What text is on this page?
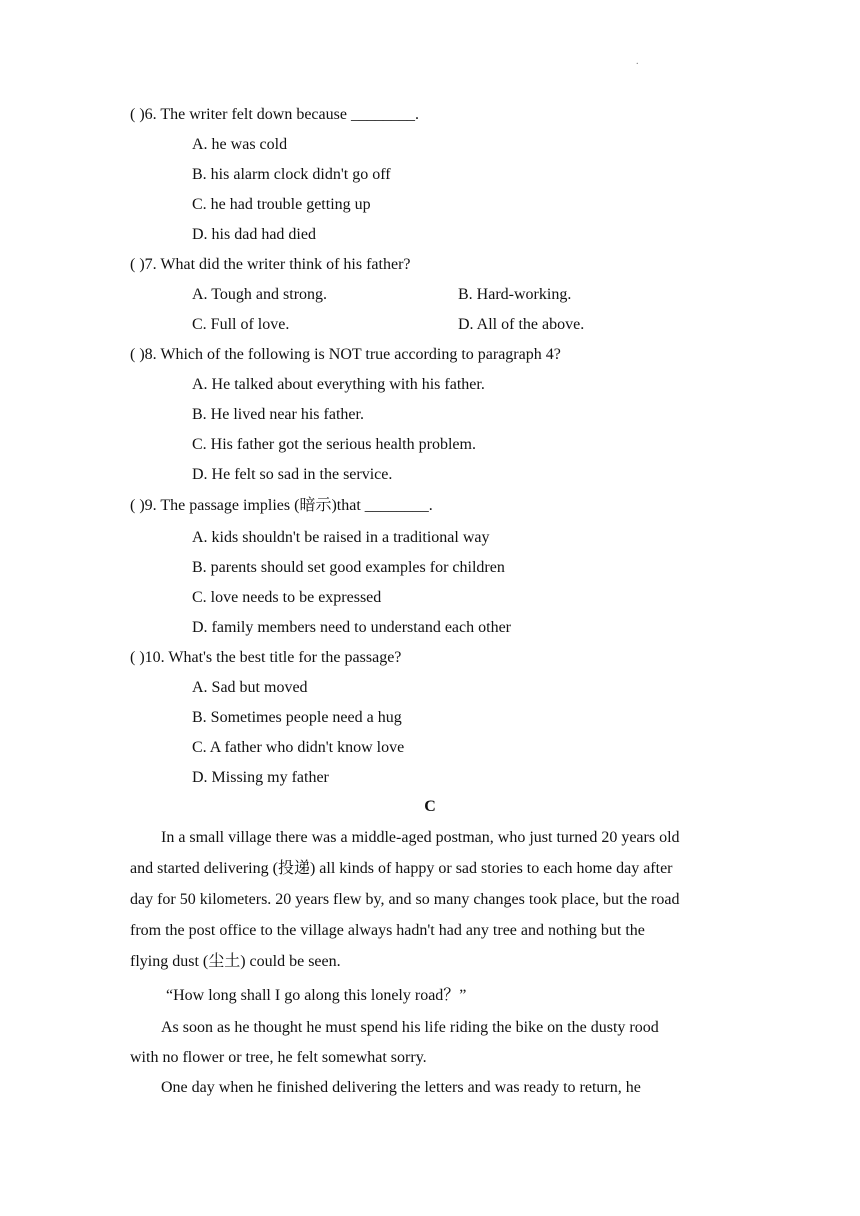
.
( )6. The writer felt down because ________.
A. he was cold
B. his alarm clock didn't go off
C. he had trouble getting up
D. his dad had died
( )7. What did the writer think of his father?
A. Tough and strong.	B. Hard-working.
C. Full of love.	D. All of the above.
( )8. Which of the following is NOT true according to paragraph 4?
A. He talked about everything with his father.
B. He lived near his father.
C. His father got the serious health problem.
D. He felt so sad in the service.
( )9. The passage implies (暗示)that ________.
A. kids shouldn't be raised in a traditional way
B. parents should set good examples for children
C. love needs to be expressed
D. family members need to understand each other
( )10. What's the best title for the passage?
A. Sad but moved
B. Sometimes people need a hug
C. A father who didn't know love
D. Missing my father
C
In a small village there was a middle-aged postman, who just turned 20 years old
and started delivering (投递) all kinds of happy or sad stories to each home day after
day for 50 kilometers. 20 years flew by, and so many changes took place, but the road
from the post office to the village always hadn't had any tree and nothing but the
flying dust (尘土) could be seen.
“How long shall I go along this lonely road？”
As soon as he thought he must spend his life riding the bike on the dusty rood
with no flower or tree, he felt somewhat sorry.
One day when he finished delivering the letters and was ready to return, he
